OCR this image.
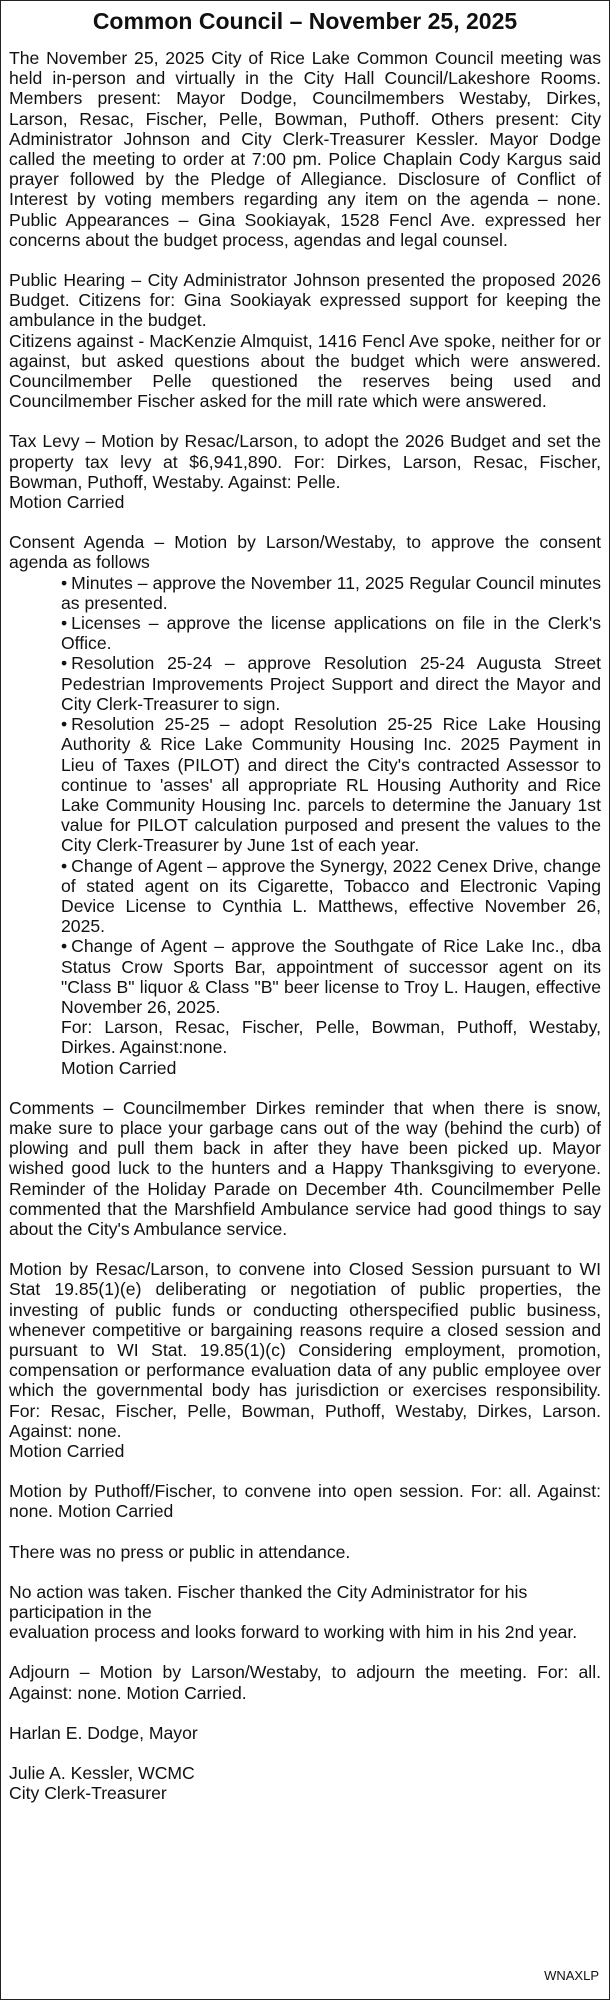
Common Council – November 25, 2025

The November 25, 2025 City of Rice Lake Common Council meeting was held in-person and virtually in the City Hall Council/Lakeshore Rooms. Members present: Mayor Dodge, Councilmembers Westaby, Dirkes, Larson, Resac, Fischer, Pelle, Bowman, Puthoff. Others present: City Administrator Johnson and City Clerk-Treasurer Kessler. Mayor Dodge called the meeting to order at 7:00 pm. Police Chaplain Cody Kargus said prayer followed by the Pledge of Allegiance. Disclosure of Conflict of Interest by voting members regarding any item on the agenda – none. Public Appearances – Gina Sookiayak, 1528 Fencl Ave. expressed her concerns about the budget process, agendas and legal counsel.

Public Hearing – City Administrator Johnson presented the proposed 2026 Budget. Citizens for: Gina Sookiayak expressed support for keeping the ambulance in the budget.

Citizens against - MacKenzie Almquist, 1416 Fencl Ave spoke, neither for or against, but asked questions about the budget which were answered. Councilmember Pelle questioned the reserves being used and Councilmember Fischer asked for the mill rate which were answered.

Tax Levy – Motion by Resac/Larson, to adopt the 2026 Budget and set the property tax levy at $6,941,890. For: Dirkes, Larson, Resac, Fischer, Bowman, Puthoff, Westaby. Against: Pelle.

Motion Carried

Consent Agenda – Motion by Larson/Westaby, to approve the consent agenda as follows

• Minutes – approve the November 11, 2025 Regular Council minutes as presented.
• Licenses – approve the license applications on file in the Clerk's Office.
• Resolution 25-24 – approve Resolution 25-24 Augusta Street Pedestrian Improvements Project Support and direct the Mayor and City Clerk-Treasurer to sign.
• Resolution 25-25 – adopt Resolution 25-25 Rice Lake Housing Authority & Rice Lake Community Housing Inc. 2025 Payment in Lieu of Taxes (PILOT) and direct the City's contracted Assessor to continue to 'asses' all appropriate RL Housing Authority and Rice Lake Community Housing Inc. parcels to determine the January 1st value for PILOT calculation purposed and present the values to the City Clerk-Treasurer by June 1st of each year.
• Change of Agent – approve the Synergy, 2022 Cenex Drive, change of stated agent on its Cigarette, Tobacco and Electronic Vaping Device License to Cynthia L. Matthews, effective November 26, 2025.
• Change of Agent – approve the Southgate of Rice Lake Inc., dba Status Crow Sports Bar, appointment of successor agent on its "Class B" liquor & Class "B" beer license to Troy L. Haugen, effective November 26, 2025.
For: Larson, Resac, Fischer, Pelle, Bowman, Puthoff, Westaby, Dirkes. Against:none.
Motion Carried

Comments – Councilmember Dirkes reminder that when there is snow, make sure to place your garbage cans out of the way (behind the curb) of plowing and pull them back in after they have been picked up. Mayor wished good luck to the hunters and a Happy Thanksgiving to everyone. Reminder of the Holiday Parade on December 4th. Councilmember Pelle commented that the Marshfield Ambulance service had good things to say about the City's Ambulance service.

Motion by Resac/Larson, to convene into Closed Session pursuant to WI Stat 19.85(1)(e) deliberating or negotiation of public properties, the investing of public funds or conducting otherspecified public business, whenever competitive or bargaining reasons require a closed session and pursuant to WI Stat. 19.85(1)(c) Considering employment, promotion, compensation or performance evaluation data of any public employee over which the governmental body has jurisdiction or exercises responsibility. For: Resac, Fischer, Pelle, Bowman, Puthoff, Westaby, Dirkes, Larson. Against: none.

Motion Carried

Motion by Puthoff/Fischer, to convene into open session. For: all. Against: none. Motion Carried

There was no press or public in attendance.

No action was taken. Fischer thanked the City Administrator for his participation in the

evaluation process and looks forward to working with him in his 2nd year.

Adjourn – Motion by Larson/Westaby, to adjourn the meeting. For: all. Against: none. Motion Carried.

Harlan E. Dodge, Mayor
Julie A. Kessler, WCMC
City Clerk-Treasurer
WNAXLP
